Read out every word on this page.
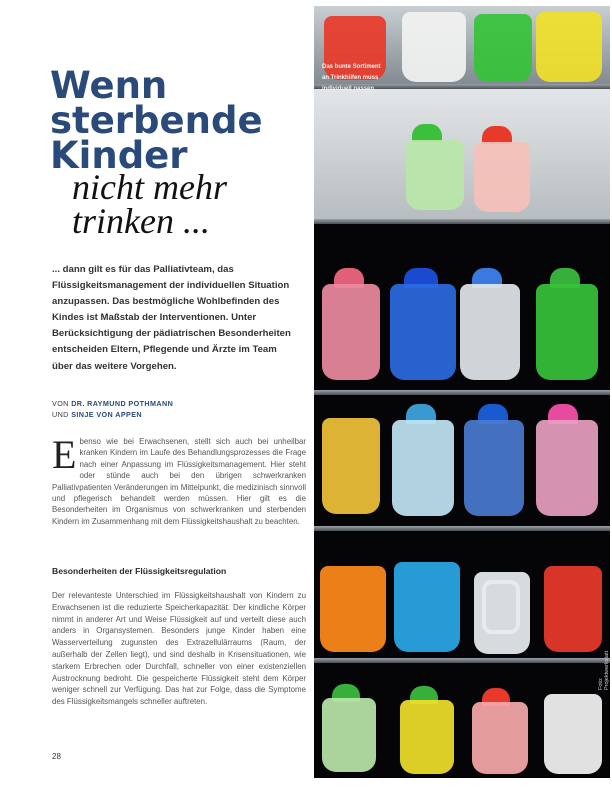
Wenn sterbende Kinder
nicht mehr trinken ...
... dann gilt es für das Palliativteam, das Flüssigkeitsmanagement der individuellen Situation anzupassen. Das bestmögliche Wohlbefinden des Kindes ist Maßstab der Interventionen. Unter Berücksichtigung der pädiatrischen Besonderheiten entscheiden Eltern, Pflegende und Ärzte im Team über das weitere Vorgehen.
VON DR. RAYMUND POTHMANN
UND SINJE VON APPEN
Ebenso wie bei Erwachsenen, stellt sich auch bei unheilbar kranken Kindern im Laufe des Behandlungsprozesses die Frage nach einer Anpassung im Flüssigkeitsmanagement. Hier steht oder stünde auch bei den übrigen schwerkranken Palliativpatienten Veränderungen im Mittelpunkt, die medizinisch sinnvoll und pflegerisch behandelt werden müssen. Hier gilt es die Besonderheiten im Organismus von schwerkranken und sterbenden Kindern im Zusammenhang mit dem Flüssigkeitshaushalt zu beachten.
Besonderheiten der Flüssigkeitsregulation
Der relevanteste Unterschied im Flüssigkeitshaushalt von Kindern zu Erwachsenen ist die reduzierte Speicherkapazität. Der kindliche Körper nimmt in anderer Art und Weise Flüssigkeit auf und verteilt diese auch anders in Organsystemen. Besonders junge Kinder haben eine Wasserverteilung zugunsten des Extrazellulärraums (Raum, der außerhalb der Zellen liegt), und sind deshalb in Krisensituationen, wie starkem Erbrechen oder Durchfall, schneller von einer existenziellen Austrocknung bedroht. Die gespeicherte Flüssigkeit steht dem Körper weniger schnell zur Verfügung. Das hat zur Folge, dass die Symptome des Flüssigkeitsmangels schneller auftreten.
28
Das bunte Sortiment an Trinkhilfen muss individuell passen
Foto: Projektwerkstatt
